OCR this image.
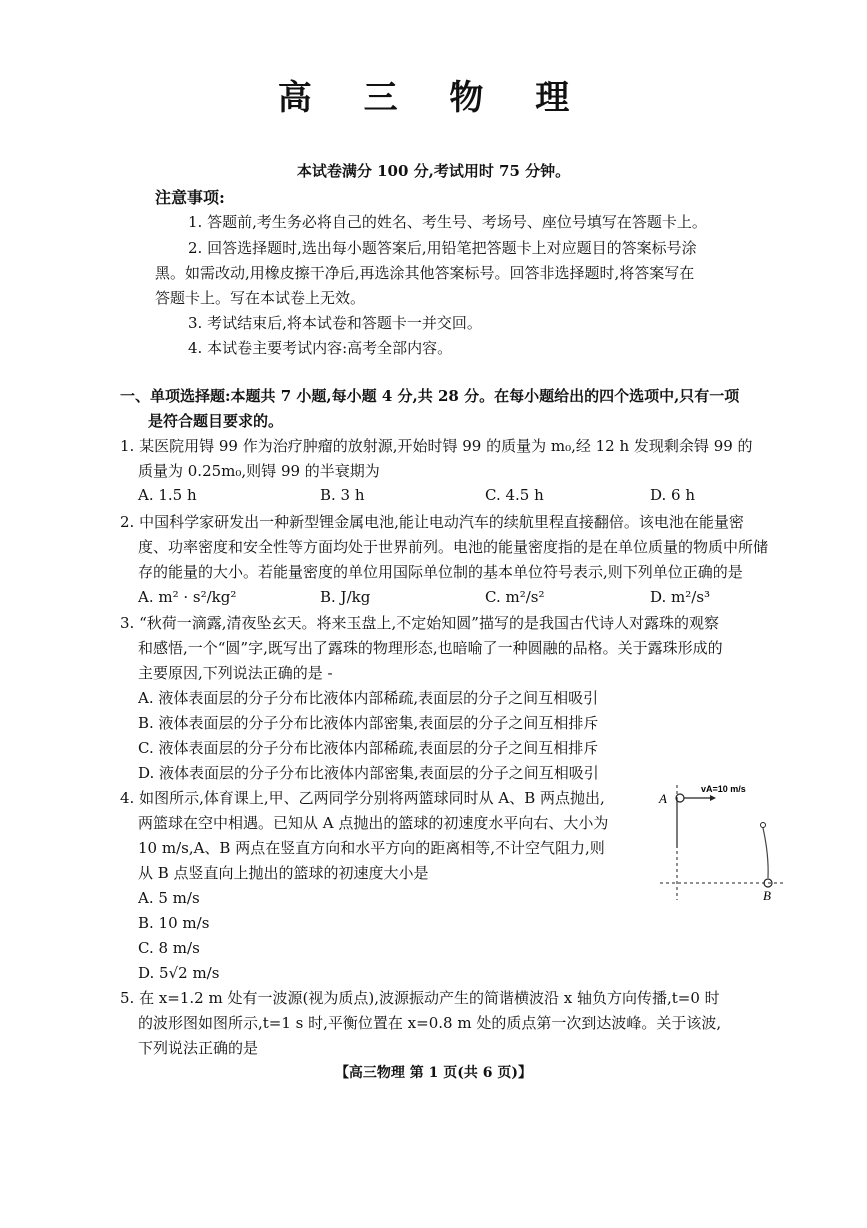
高 三 物 理
本试卷满分 100 分,考试用时 75 分钟。
注意事项:
1. 答题前,考生务必将自己的姓名、考生号、考场号、座位号填写在答题卡上。
2. 回答选择题时,选出每小题答案后,用铅笔把答题卡上对应题目的答案标号涂
黑。如需改动,用橡皮擦干净后,再选涂其他答案标号。回答非选择题时,将答案写在
答题卡上。写在本试卷上无效。
3. 考试结束后,将本试卷和答题卡一并交回。
4. 本试卷主要考试内容:高考全部内容。
一、单项选择题:本题共 7 小题,每小题 4 分,共 28 分。在每小题给出的四个选项中,只有一项
是符合题目要求的。
1. 某医院用锝 99 作为治疗肿瘤的放射源,开始时锝 99 的质量为 m₀,经 12 h 发现剩余锝 99 的
质量为 0.25m₀,则锝 99 的半衰期为
A. 1.5 h	B. 3 h	C. 4.5 h	D. 6 h
2. 中国科学家研发出一种新型锂金属电池,能让电动汽车的续航里程直接翻倍。该电池在能量密
度、功率密度和安全性等方面均处于世界前列。电池的能量密度指的是在单位质量的物质中所储
存的能量的大小。若能量密度的单位用国际单位制的基本单位符号表示,则下列单位正确的是
A. m² · s²/kg²	B. J/kg	C. m²/s²	D. m²/s³
3. “秋荷一滴露,清夜坠玄天。将来玉盘上,不定始知圆”描写的是我国古代诗人对露珠的观察
和感悟,一个“圆”字,既写出了露珠的物理形态,也暗喻了一种圆融的品格。关于露珠形成的
主要原因,下列说法正确的是 -
A. 液体表面层的分子分布比液体内部稀疏,表面层的分子之间互相吸引
B. 液体表面层的分子分布比液体内部密集,表面层的分子之间互相排斥
C. 液体表面层的分子分布比液体内部稀疏,表面层的分子之间互相排斥
D. 液体表面层的分子分布比液体内部密集,表面层的分子之间互相吸引
4. 如图所示,体育课上,甲、乙两同学分别将两篮球同时从 A、B 两点抛出,
两篮球在空中相遇。已知从 A 点抛出的篮球的初速度水平向右、大小为
10 m/s,A、B 两点在竖直方向和水平方向的距离相等,不计空气阻力,则
从 B 点竖直向上抛出的篮球的初速度大小是
A. 5 m/s
B. 10 m/s
C. 8 m/s
D. 5√2 m/s
A
B
vA=10 m/s
5. 在 x=1.2 m 处有一波源(视为质点),波源振动产生的简谐横波沿 x 轴负方向传播,t=0 时
的波形图如图所示,t=1 s 时,平衡位置在 x=0.8 m 处的质点第一次到达波峰。关于该波,
下列说法正确的是
【高三物理 第 1 页(共 6 页)】
